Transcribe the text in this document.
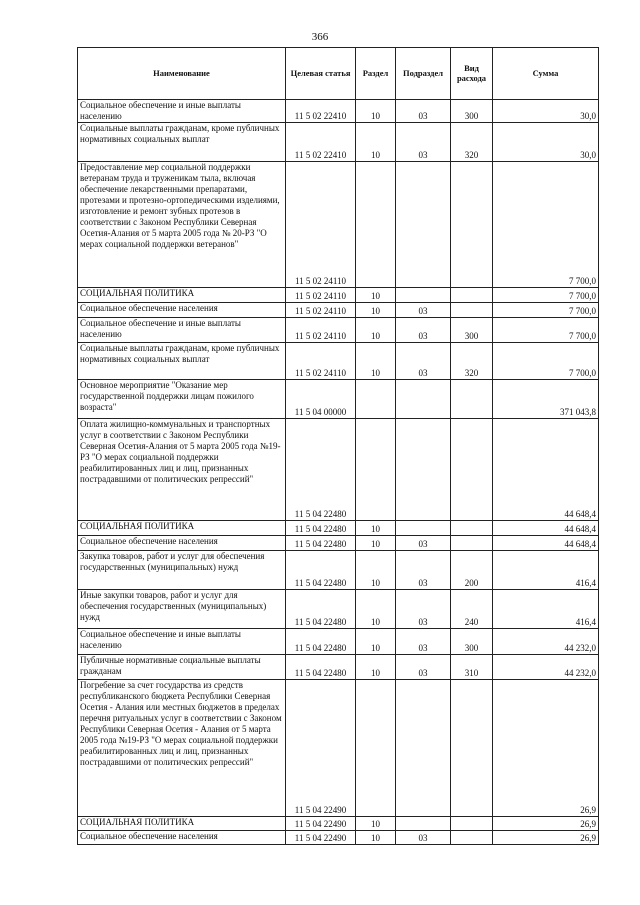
366
Наименование	Целевая статья	Раздел	Подраздел	Вид расхода	Сумма
Социальное обеспечение и иные выплаты населению	11 5 02 22410	10	03	300	30,0
Социальные выплаты гражданам, кроме публичных нормативных социальных выплат	11 5 02 22410	10	03	320	30,0
Предоставление мер социальной поддержки ветеранам труда и труженикам тыла, включая обеспечение лекарственными препаратами, протезами и протезно-ортопедическими изделиями, изготовление и ремонт зубных протезов в соответствии с Законом Республики Северная Осетия-Алания от 5 марта 2005 года № 20-РЗ "О мерах социальной поддержки ветеранов"	11 5 02 24110				7 700,0
СОЦИАЛЬНАЯ ПОЛИТИКА	11 5 02 24110	10			7 700,0
Социальное обеспечение населения	11 5 02 24110	10	03		7 700,0
Социальное обеспечение и иные выплаты населению	11 5 02 24110	10	03	300	7 700,0
Социальные выплаты гражданам, кроме публичных нормативных социальных выплат	11 5 02 24110	10	03	320	7 700,0
Основное мероприятие "Оказание мер государственной поддержки лицам пожилого возраста"	11 5 04 00000				371 043,8
Оплата жилищно-коммунальных и транспортных услуг в соответствии с Законом Республики Северная Осетия-Алания от 5 марта 2005 года №19-РЗ "О мерах социальной поддержки реабилитированных лиц и лиц, признанных пострадавшими от политических репрессий"	11 5 04 22480				44 648,4
СОЦИАЛЬНАЯ ПОЛИТИКА	11 5 04 22480	10			44 648,4
Социальное обеспечение населения	11 5 04 22480	10	03		44 648,4
Закупка товаров, работ и услуг для обеспечения государственных (муниципальных) нужд	11 5 04 22480	10	03	200	416,4
Иные закупки товаров, работ и услуг для обеспечения государственных (муниципальных) нужд	11 5 04 22480	10	03	240	416,4
Социальное обеспечение и иные выплаты населению	11 5 04 22480	10	03	300	44 232,0
Публичные нормативные социальные выплаты гражданам	11 5 04 22480	10	03	310	44 232,0
Погребение за счет государства из средств республиканского бюджета Республики Северная Осетия - Алания или местных бюджетов в пределах перечня ритуальных услуг в соответствии с Законом Республики Северная Осетия - Алания от 5 марта 2005 года №19-РЗ "О мерах социальной поддержки реабилитированных лиц и лиц, признанных пострадавшими от политических репрессий"	11 5 04 22490				26,9
СОЦИАЛЬНАЯ ПОЛИТИКА	11 5 04 22490	10			26,9
Социальное обеспечение населения	11 5 04 22490	10	03		26,9
